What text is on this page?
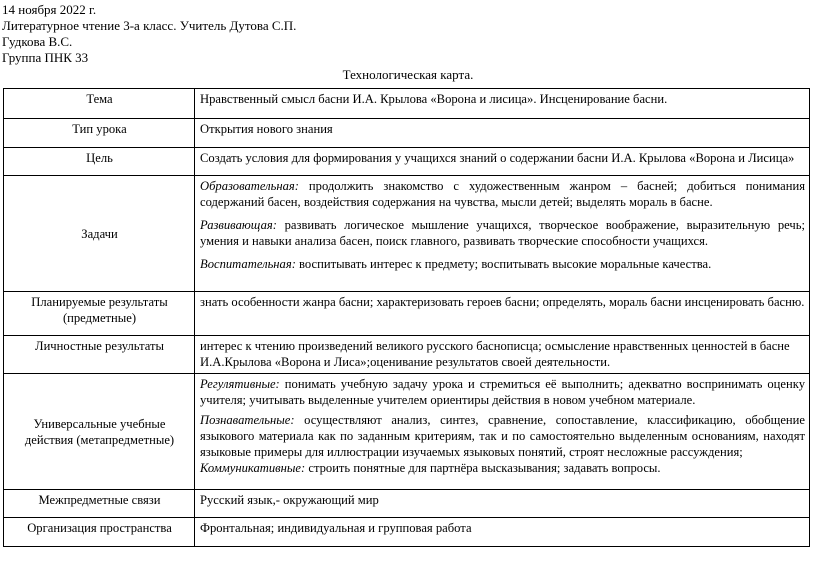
14 ноября 2022 г.
Литературное чтение 3-а класс. Учитель Дутова С.П.
Гудкова В.С.
Группа ПНК 33
Технологическая карта.
Тема	Нравственный смысл басни И.А. Крылова «Ворона и лисица». Инсценирование басни.
Тип урока	Открытия нового знания
Цель	Создать условия для формирования у учащихся знаний о содержании басни И.А. Крылова «Ворона и Лисица»
Задачи	Образовательная: продолжить знакомство с художественным жанром – басней; добиться понимания содержаний басен, воздействия содержания на чувства, мысли детей; выделять мораль в басне.

Развивающая: развивать логическое мышление учащихся, творческое воображение, выразительную речь; умения и навыки анализа басен, поиск главного, развивать творческие способности учащихся.

Воспитательная: воспитывать интерес к предмету; воспитывать высокие моральные качества.

Планируемые результаты (предметные)	знать особенности жанра басни; характеризовать героев басни; определять, мораль басни инсценировать басню.
Личностные результаты	интерес к чтению произведений великого русского баснописца; осмысление нравственных ценностей в басне И.А.Крылова «Ворона и Лиса»;оценивание результатов своей деятельности.
Универсальные учебные действия (метапредметные)	Регулятивные: понимать учебную задачу урока и стремиться её выполнить; адекватно воспринимать оценку учителя; учитывать выделенные учителем ориентиры действия в новом учебном материале.

Познавательные: осуществляют анализ, синтез, сравнение, сопоставление, классификацию, обобщение языкового материала как по заданным критериям, так и по самостоятельно выделенным основаниям, находят языковые примеры для иллюстрации изучаемых языковых понятий, строят несложные рассуждения;

Коммуникативные: строить понятные для партнёра высказывания; задавать вопросы.

Межпредметные связи	Русский язык,- окружающий мир
Организация пространства	Фронтальная; индивидуальная и групповая работа
